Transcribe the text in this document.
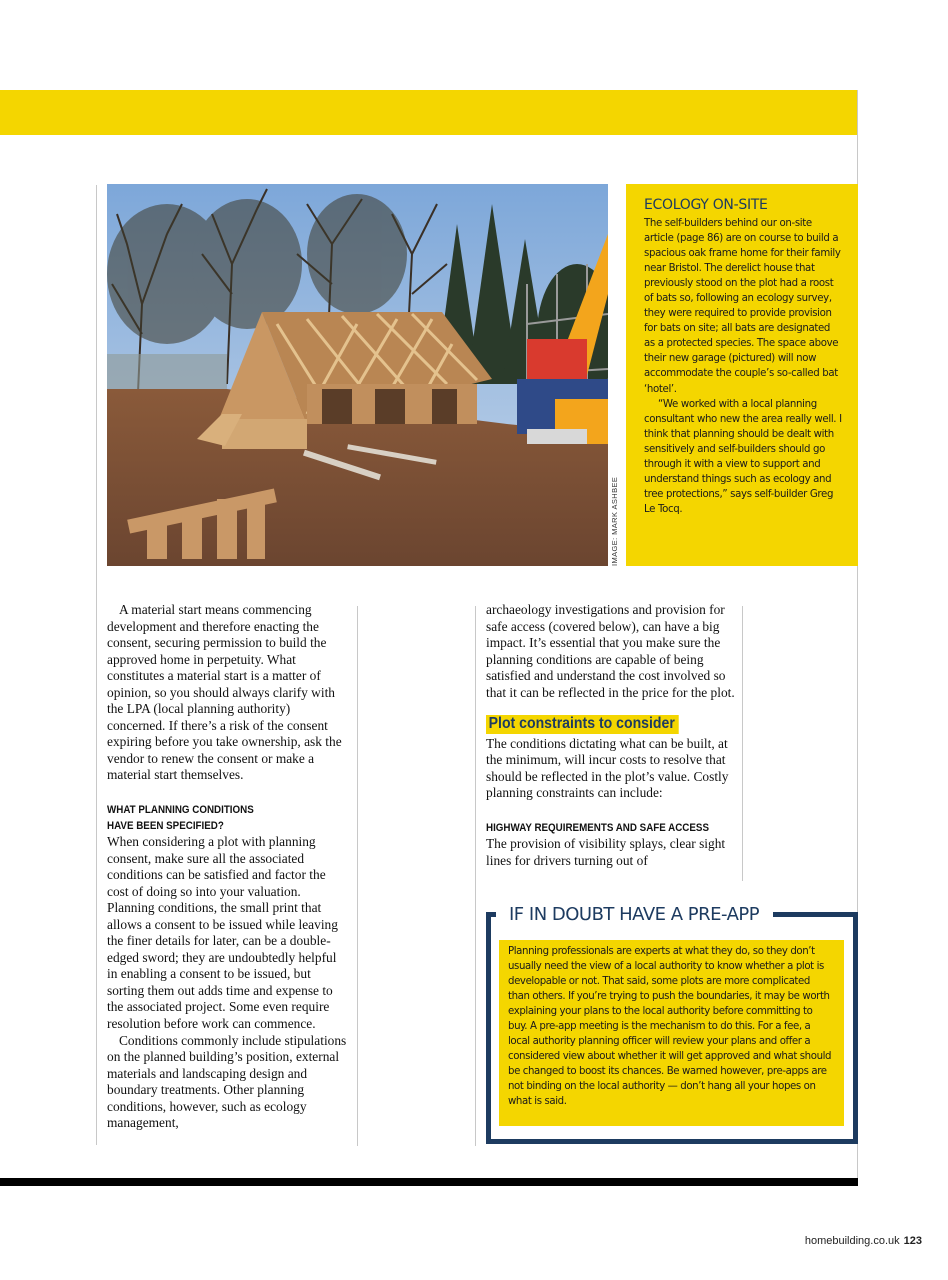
IMAGE: MARK ASHBEE
ECOLOGY ON-SITE

The self-builders behind our on-site article (page 86) are on course to build a spacious oak frame home for their family near Bristol. The derelict house that previously stood on the plot had a roost of bats so, following an ecology survey, they were required to provide provision for bats on site; all bats are designated as a protected species. The space above their new garage (pictured) will now accommodate the couple’s so-called bat ‘hotel’.

“We worked with a local planning consultant who new the area really well. I think that planning should be dealt with sensitively and self-builders should go through it with a view to support and understand things such as ecology and tree protections,” says self-builder Greg Le Tocq.

A material start means commencing development and therefore enacting the consent, securing permission to build the approved home in perpetuity. What constitutes a material start is a matter of opinion, so you should always clarify with the LPA (local planning authority) concerned. If there’s a risk of the consent expiring before you take ownership, ask the vendor to renew the consent or make a material start themselves.

WHAT PLANNING CONDITIONS

HAVE BEEN SPECIFIED?

When considering a plot with planning consent, make sure all the associated conditions can be satisfied and factor the cost of doing so into your valuation. Planning conditions, the small print that allows a consent to be issued while leaving the finer details for later, can be a double-edged sword; they are undoubtedly helpful in enabling a consent to be issued, but sorting them out adds time and expense to the associated project. Some even require resolution before work can commence.

Conditions commonly include stipulations on the planned building’s position, external materials and landscaping design and boundary treatments. Other planning conditions, however, such as ecology management,

archaeology investigations and provision for safe access (covered below), can have a big impact. It’s essential that you make sure the planning conditions are capable of being satisfied and understand the cost involved so that it can be reflected in the price for the plot.

Plot constraints to consider

The conditions dictating what can be built, at the minimum, will incur costs to resolve that should be reflected in the plot’s value. Costly planning constraints can include:

HIGHWAY REQUIREMENTS AND SAFE ACCESS

The provision of visibility splays, clear sight lines for drivers turning out of

IF IN DOUBT HAVE A PRE-APP

Planning professionals are experts at what they do, so they don’t usually need the view of a local authority to know whether a plot is developable or not. That said, some plots are more complicated than others. If you’re trying to push the boundaries, it may be worth explaining your plans to the local authority before committing to buy. A pre-app meeting is the mechanism to do this. For a fee, a local authority planning officer will review your plans and offer a considered view about whether it will get approved and what should be changed to boost its chances. Be warned however, pre-apps are not binding on the local authority — don’t hang all your hopes on what is said.

homebuilding.co.uk 123
